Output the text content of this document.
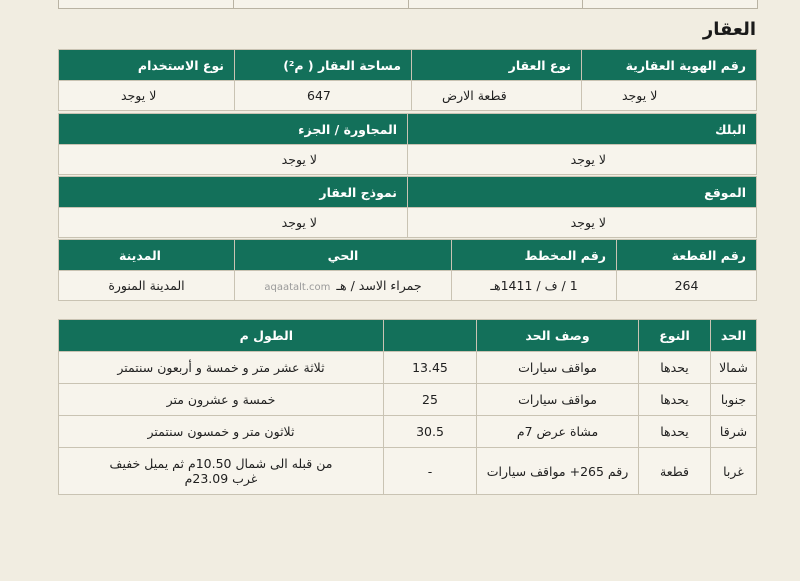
العقار
رقم الهوية العقارية	نوع العقار	مساحة العقار ( م²)	نوع الاستخدام
لا يوجد	قطعة الارض	647	لا يوجد
البلك	المجاورة / الجزء
لا يوجد	لا يوجد
الموقع	نموذج العقار
لا يوجد	لا يوجد
رقم القطعة	رقم المخطط	الحي	المدينة
264	1 / ف / 1411هـ	جمراء الاسد / هـ aqaatalt.com	المدينة المنورة
الحد	النوع	وصف الحد		الطول م
شمالا	يحدها	مواقف سيارات	13.45	ثلاثة عشر متر و خمسة و أربعون سنتمتر
جنوبا	يحدها	مواقف سيارات	25	خمسة و عشرون متر
شرقا	يحدها	مشاة عرض 7م	30.5	ثلاثون متر و خمسون سنتمتر
غربا	قطعة	رقم 265+ مواقف سيارات	-	من قبله الى شمال 10.50م ثم يميل خفيف غرب 23.09م
